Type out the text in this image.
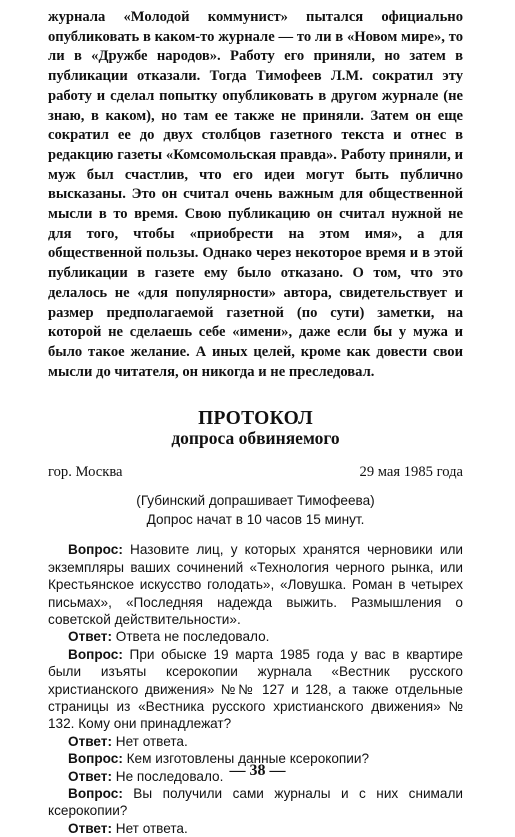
журнала «Молодой коммунист» пытался официально опубликовать в каком-то журнале — то ли в «Новом мире», то ли в «Дружбе народов». Работу его приняли, но затем в публикации отказали. Тогда Тимофеев Л.М. сократил эту работу и сделал попытку опубликовать в другом журнале (не знаю, в каком), но там ее также не приняли. Затем он еще сократил ее до двух столбцов газетного текста и отнес в редакцию газеты «Комсомольская правда». Работу приняли, и муж был счастлив, что его идеи могут быть публично высказаны. Это он считал очень важным для общественной мысли в то время. Свою публикацию он считал нужной не для того, чтобы «приобрести на этом имя», а для общественной пользы. Однако через некоторое время и в этой публикации в газете ему было отказано. О том, что это делалось не «для популярности» автора, свидетельствует и размер предполагаемой газетной (по сути) заметки, на которой не сделаешь себе «имени», даже если бы у мужа и было такое желание. А иных целей, кроме как довести свои мысли до читателя, он никогда и не преследовал.

ПРОТОКОЛ
допроса обвиняемого
гор. Москва	29 мая 1985 года
(Губинский допрашивает Тимофеева)
Допрос начат в 10 часов 15 минут.

Вопрос: Назовите лиц, у которых хранятся черновики или экземпляры ваших сочинений «Технология черного рынка, или Крестьянское искусство голодать», «Ловушка. Роман в четырех письмах», «Последняя надежда выжить. Размышления о советской действительности».

Ответ: Ответа не последовало.

Вопрос: При обыске 19 марта 1985 года у вас в квартире были изъяты ксерокопии журнала «Вестник русского христианского движения» №№ 127 и 128, а также отдельные страницы из «Вестника русского христианского движения» № 132. Кому они принадлежат?

Ответ: Нет ответа.

Вопрос: Кем изготовлены данные ксерокопии?

Ответ: Не последовало.

Вопрос: Вы получили сами журналы и с них снимали ксерокопии?

Ответ: Нет ответа.

— 38 —
